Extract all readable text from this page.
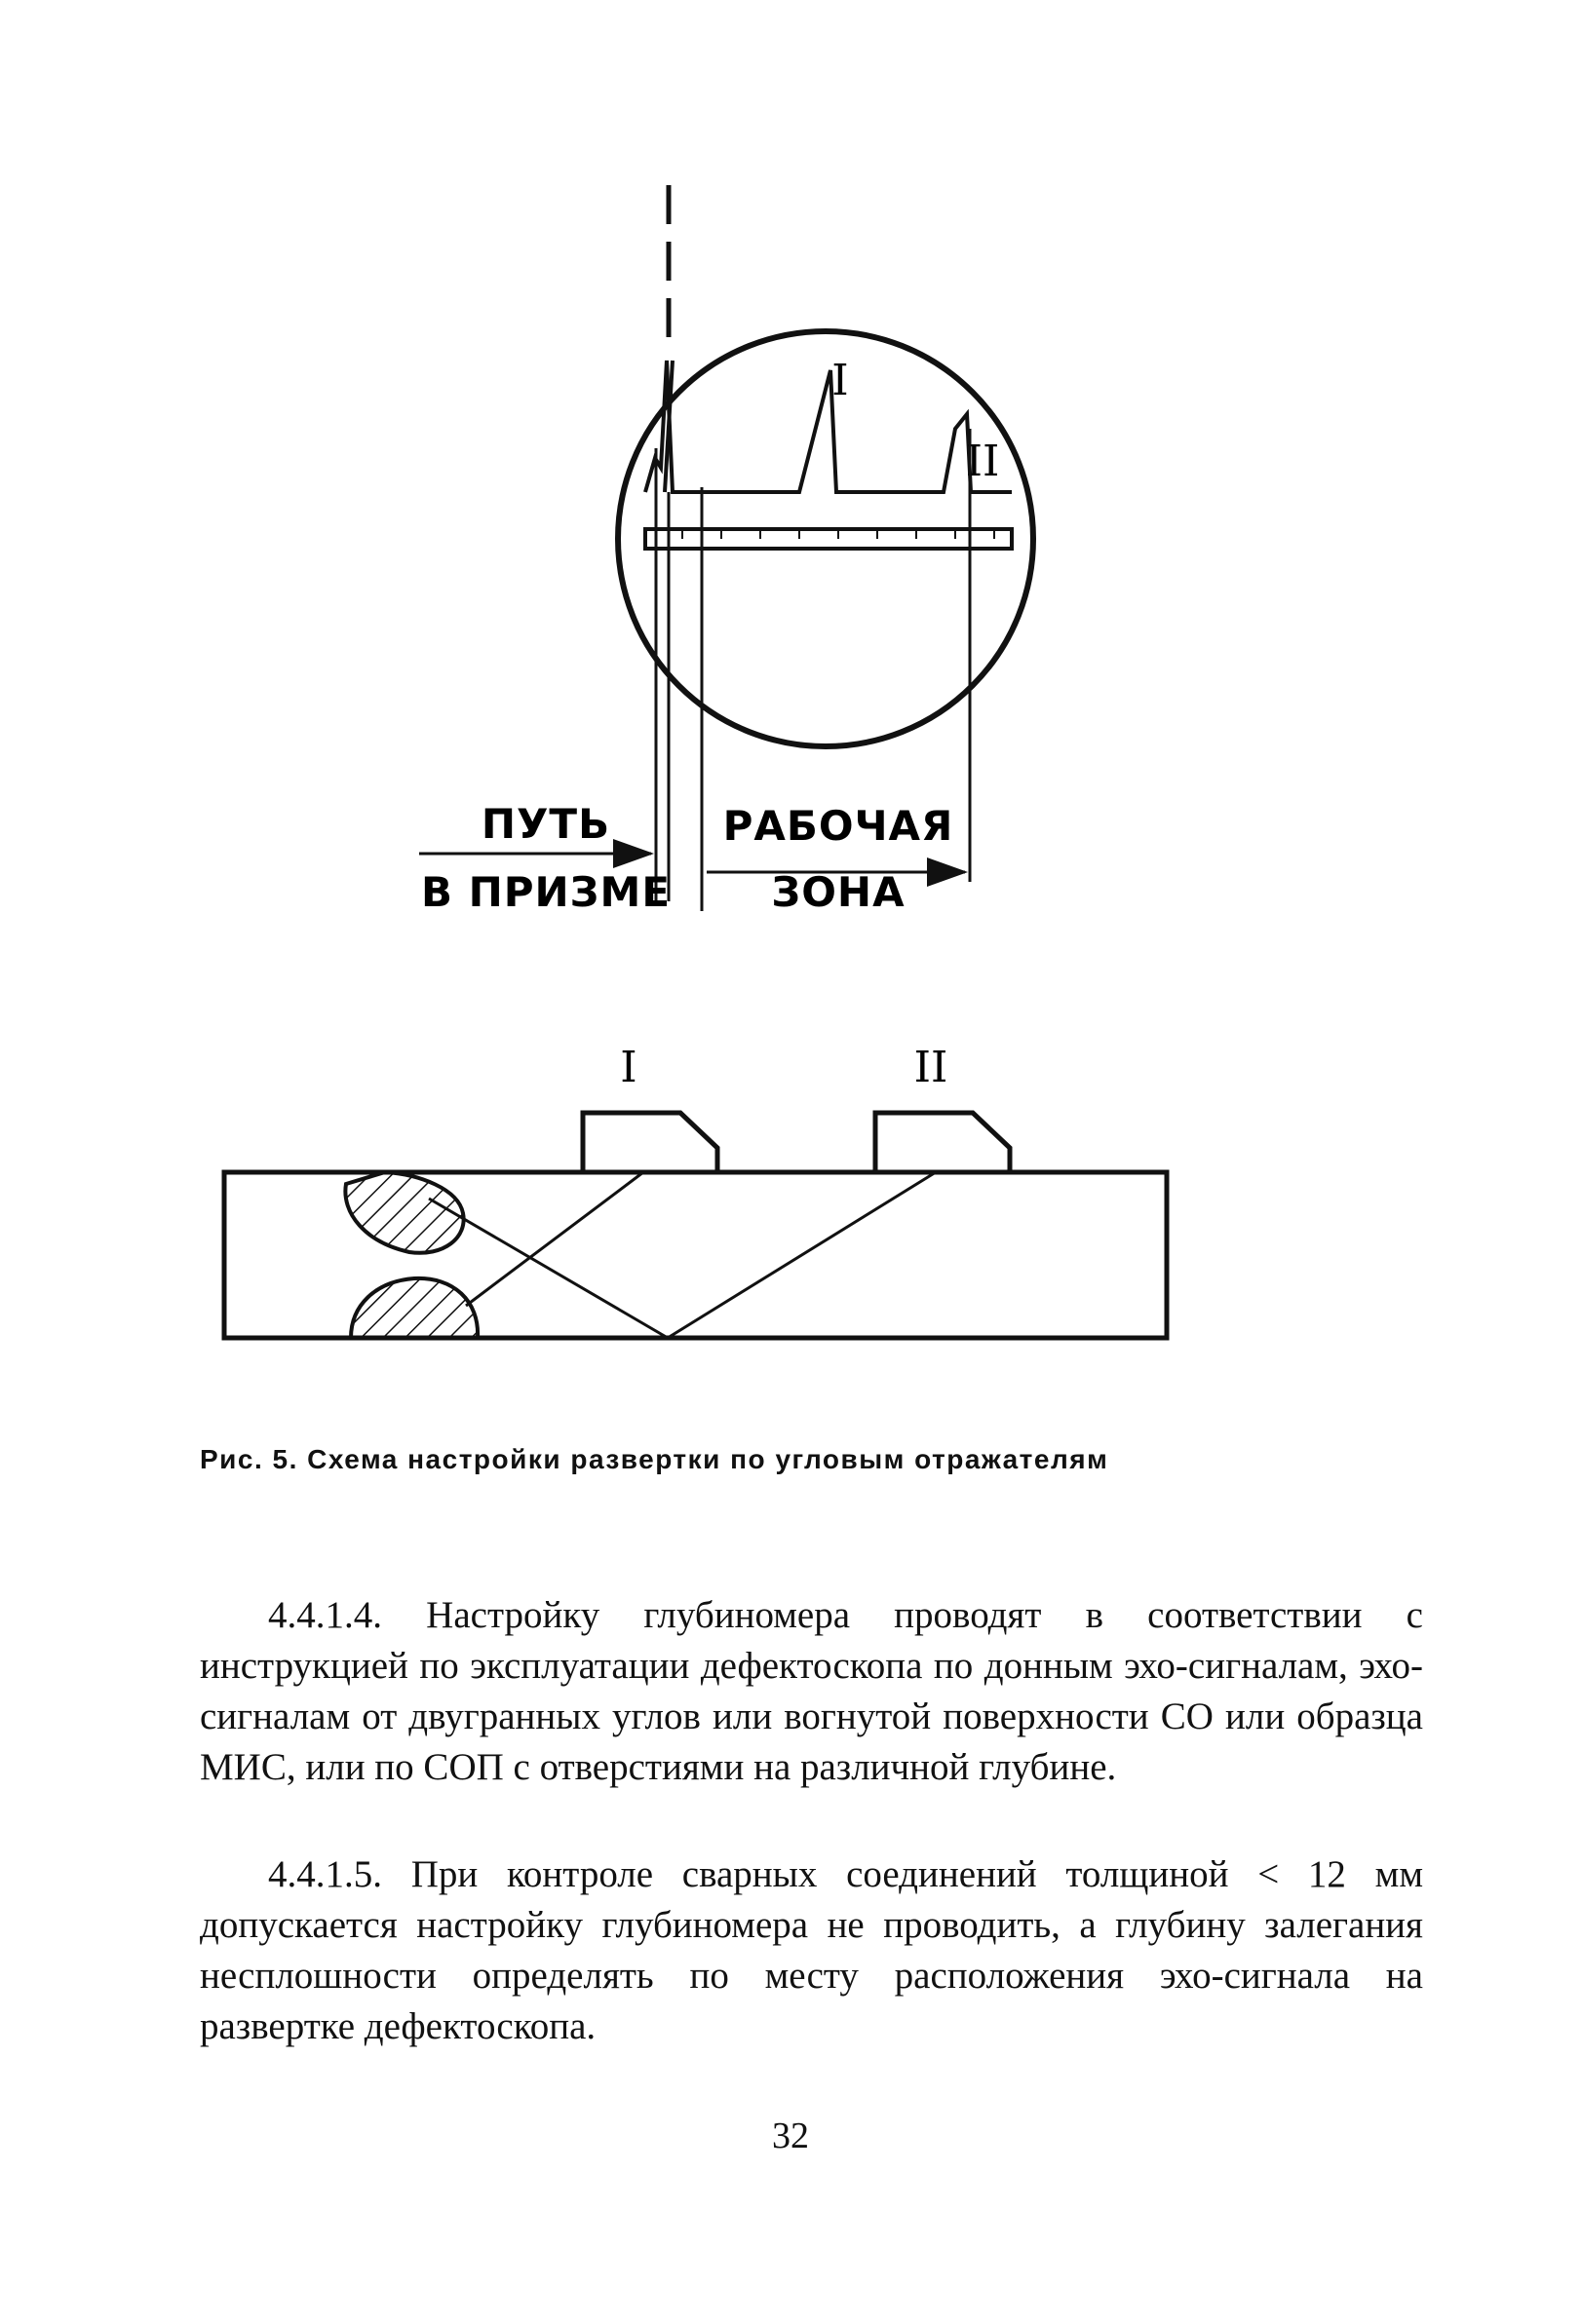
I
II
ПУТЬ
В ПРИЗМЕ
РАБОЧАЯ
ЗОНА
I	II

Рис. 5. Схема настройки развертки по угловым отражателям

4.4.1.4. Настройку глубиномера проводят в соответствии с инструкцией по эксплуатации дефектоскопа по донным эхо-сигналам, эхо-сигналам от двугранных углов или вогнутой поверхности СО или образца МИС, или по СОП с отверстиями на различной глубине.

4.4.1.5. При контроле сварных соединений толщиной < 12 мм допускается настройку глубиномера не проводить, а глубину залегания несплошности определять по месту расположения эхо-сигнала на развертке дефектоскопа.

32
